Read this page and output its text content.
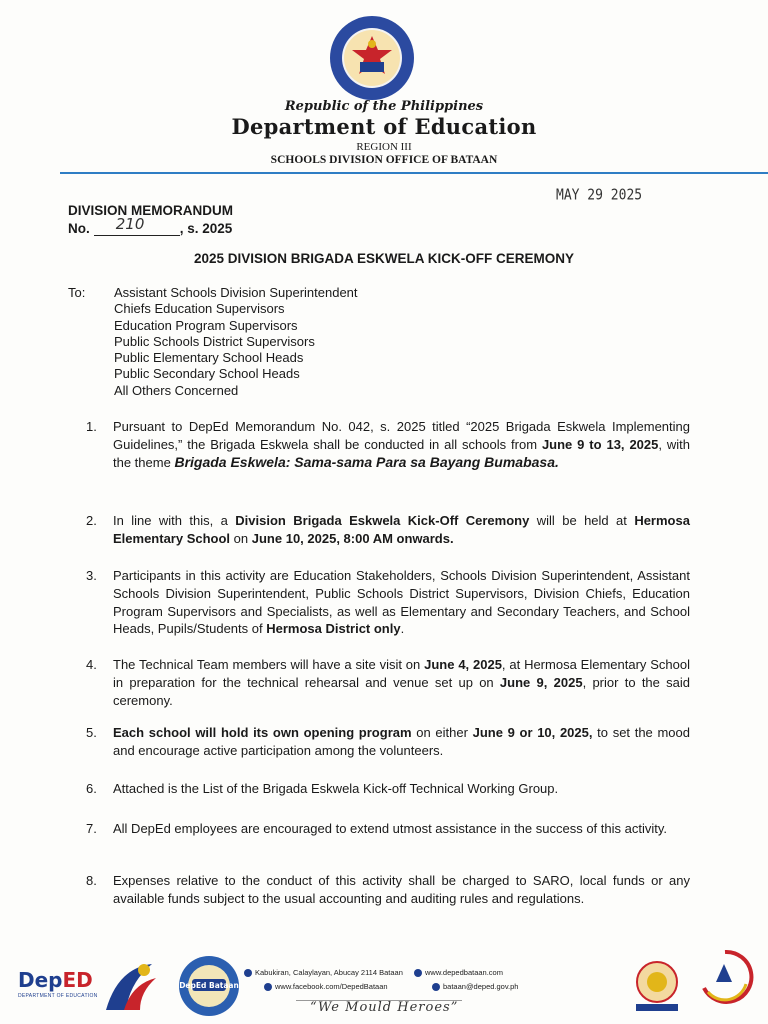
Republic of the Philippines
Department of Education
REGION III
SCHOOLS DIVISION OFFICE OF BATAAN
MAY 29 2025
DIVISION MEMORANDUM
No. 210	, s. 2025
2025 DIVISION BRIGADA ESKWELA KICK-OFF CEREMONY
To: Assistant Schools Division Superintendent
Chiefs Education Supervisors
Education Program Supervisors
Public Schools District Supervisors
Public Elementary School Heads
Public Secondary School Heads
All Others Concerned
1. Pursuant to DepEd Memorandum No. 042, s. 2025 titled “2025 Brigada Eskwela Implementing Guidelines,” the Brigada Eskwela shall be conducted in all schools from June 9 to 13, 2025, with the theme Brigada Eskwela: Sama-sama Para sa Bayang Bumabasa.
2. In line with this, a Division Brigada Eskwela Kick-Off Ceremony will be held at Hermosa Elementary School on June 10, 2025, 8:00 AM onwards.
3. Participants in this activity are Education Stakeholders, Schools Division Superintendent, Assistant Schools Division Superintendent, Public Schools District Supervisors, Division Chiefs, Education Program Supervisors and Specialists, as well as Elementary and Secondary Teachers, and School Heads, Pupils/Students of Hermosa District only.
4. The Technical Team members will have a site visit on June 4, 2025, at Hermosa Elementary School in preparation for the technical rehearsal and venue set up on June 9, 2025, prior to the said ceremony.
5. Each school will hold its own opening program on either June 9 or 10, 2025, to set the mood and encourage active participation among the volunteers.
6. Attached is the List of the Brigada Eskwela Kick-off Technical Working Group.
7. All DepEd employees are encouraged to extend utmost assistance in the success of this activity.
8. Expenses relative to the conduct of this activity shall be charged to SARO, local funds or any available funds subject to the usual accounting and auditing rules and regulations.
DepED
DEPARTMENT OF EDUCATION
DepEd Bataan
Kabukiran, Calaylayan, Abucay 2114 Bataan
www.facebook.com/DepedBataan
www.depedbataan.com
bataan@deped.gov.ph
“We Mould Heroes”
